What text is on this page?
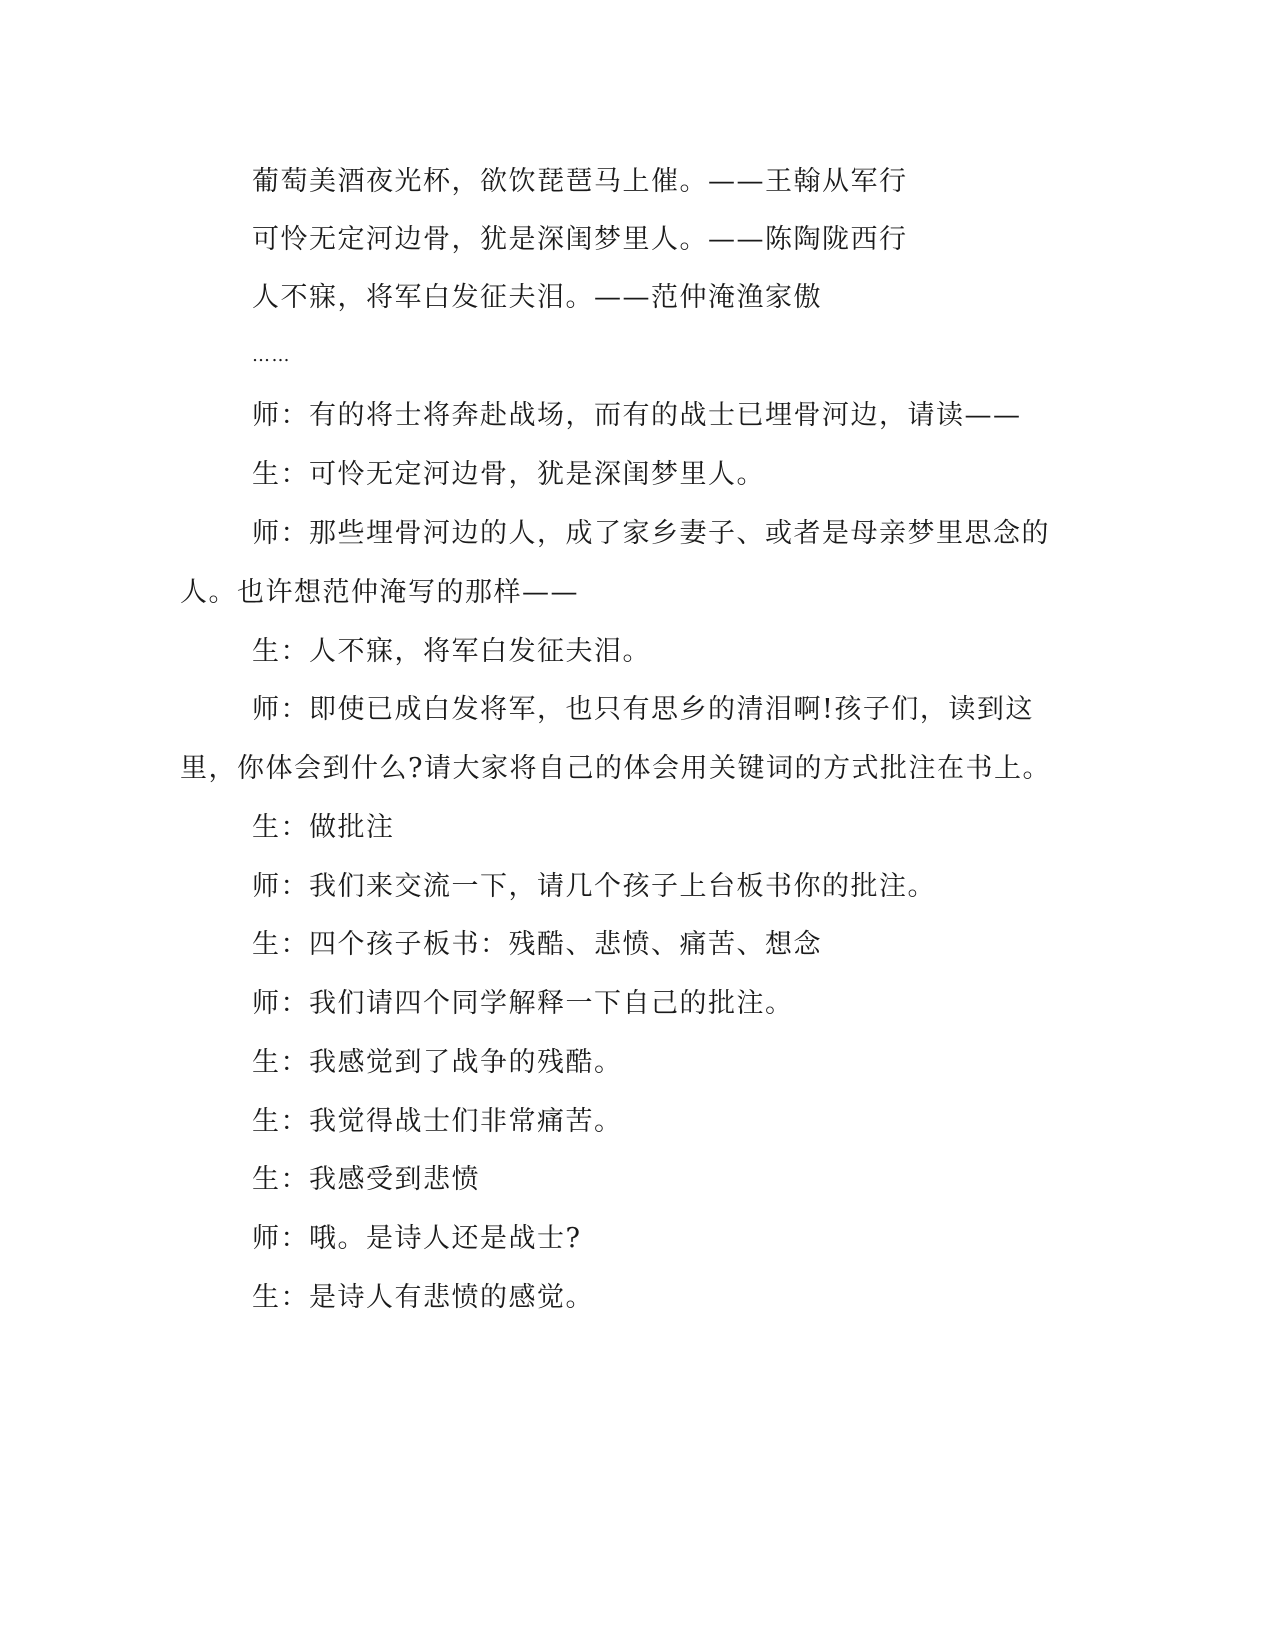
葡萄美酒夜光杯，欲饮琵琶马上催。——王翰从军行
可怜无定河边骨，犹是深闺梦里人。——陈陶陇西行
人不寐，将军白发征夫泪。——范仲淹渔家傲
……
师：有的将士将奔赴战场，而有的战士已埋骨河边，请读——
生：可怜无定河边骨，犹是深闺梦里人。
师：那些埋骨河边的人，成了家乡妻子、或者是母亲梦里思念的
人。也许想范仲淹写的那样——
生：人不寐，将军白发征夫泪。
师：即使已成白发将军，也只有思乡的清泪啊!孩子们，读到这
里，你体会到什么?请大家将自己的体会用关键词的方式批注在书上。
生：做批注
师：我们来交流一下，请几个孩子上台板书你的批注。
生：四个孩子板书：残酷、悲愤、痛苦、想念
师：我们请四个同学解释一下自己的批注。
生：我感觉到了战争的残酷。
生：我觉得战士们非常痛苦。
生：我感受到悲愤
师：哦。是诗人还是战士?
生：是诗人有悲愤的感觉。
